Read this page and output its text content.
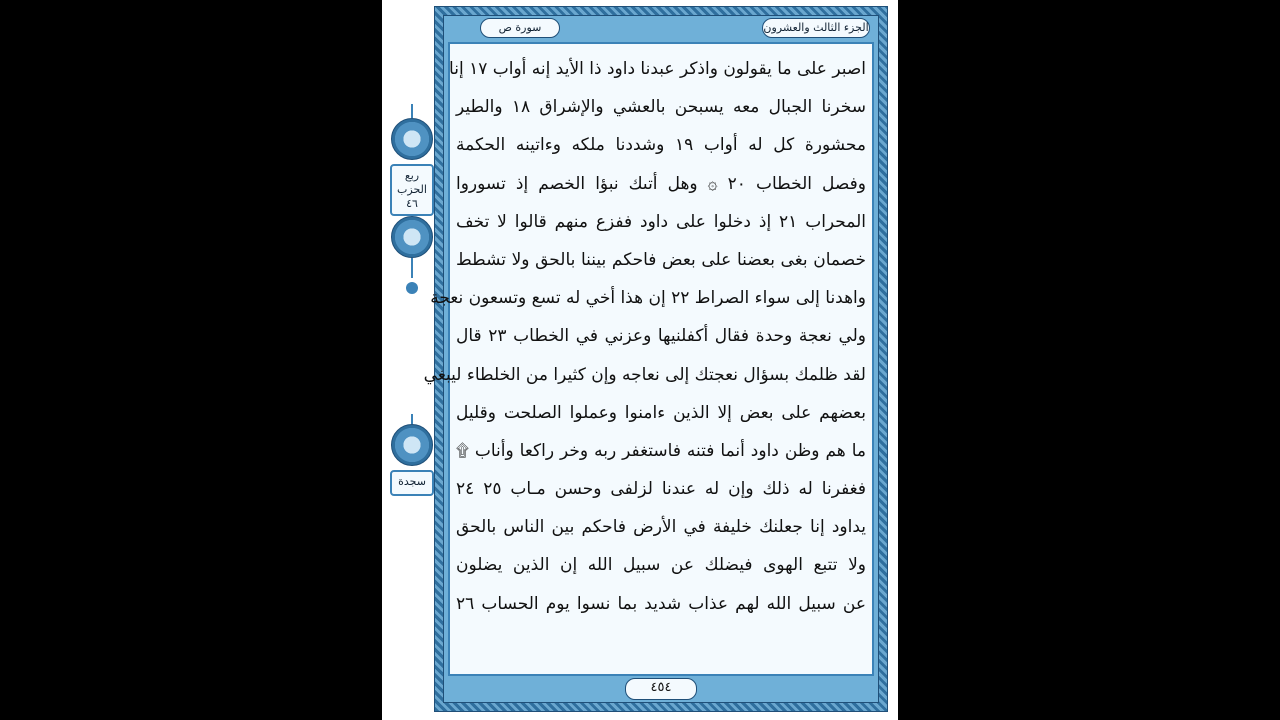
ربع الحزب ٤٦
سجدة
سورة ص	الجزء الثالث والعشرون
اصبر على ما يقولون واذكر عبدنا داود ذا الأيد إنه أواب ١٧ إنا
سخرنا الجبال معه يسبحن بالعشي والإشراق ١٨ والطير
محشورة كل له أواب ١٩ وشددنا ملكه وءاتينه الحكمة
وفصل الخطاب ٢٠ ۞ وهل أتىك نبؤا الخصم إذ تسوروا
المحراب ٢١ إذ دخلوا على داود ففزع منهم قالوا لا تخف
خصمان بغى بعضنا على بعض فاحكم بيننا بالحق ولا تشطط
واهدنا إلى سواء الصراط ٢٢ إن هذا أخي له تسع وتسعون نعجة
ولي نعجة وحدة فقال أكفلنيها وعزني في الخطاب ٢٣ قال
لقد ظلمك بسؤال نعجتك إلى نعاجه وإن كثيرا من الخلطاء ليبغي
بعضهم على بعض إلا الذين ءامنوا وعملوا الصلحت وقليل
ما هم وظن داود أنما فتنه فاستغفر ربه وخر راكعا وأناب ۩
فغفرنا له ذلك وإن له عندنا لزلفى وحسن مـاب ٢٥ ٢٤
يداود إنا جعلنك خليفة في الأرض فاحكم بين الناس بالحق
ولا تتبع الهوى فيضلك عن سبيل الله إن الذين يضلون
عن سبيل الله لهم عذاب شديد بما نسوا يوم الحساب ٢٦
٤٥٤
